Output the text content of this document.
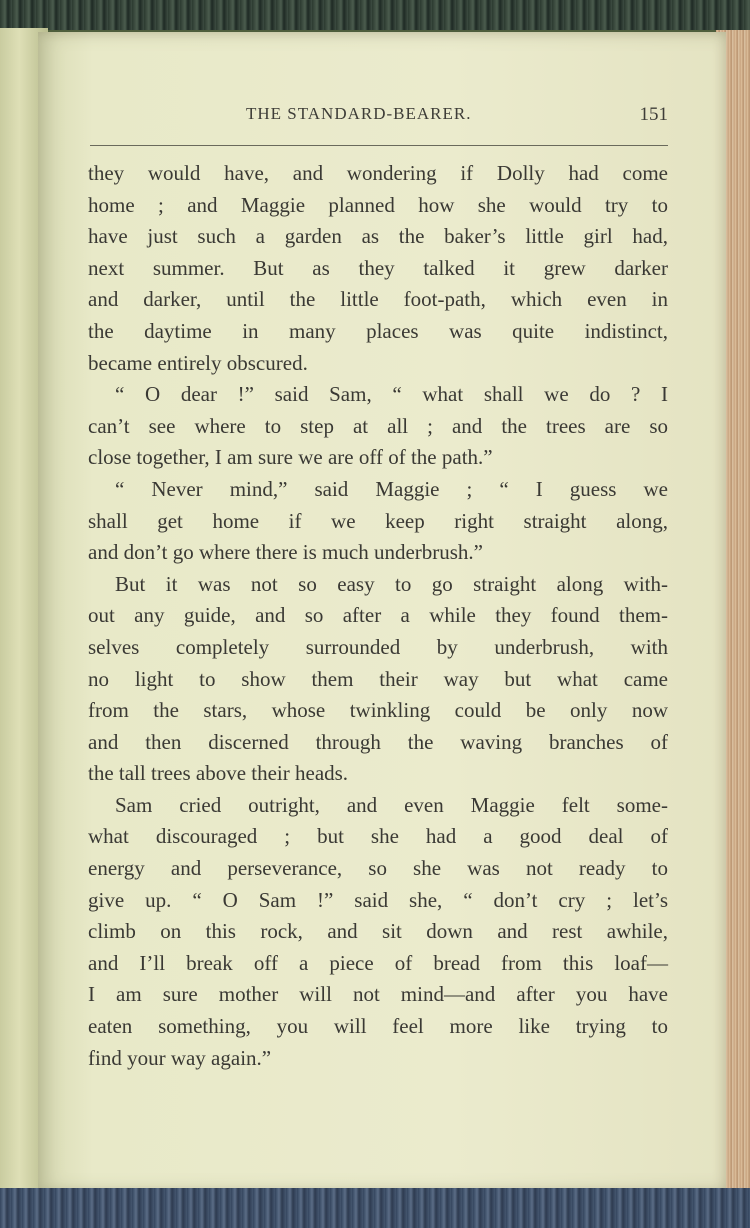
THE STANDARD-BEARER.	151
they would have, and wondering if Dolly had come
home ; and Maggie planned how she would try to
have just such a garden as the baker’s little girl had,
next summer. But as they talked it grew darker
and darker, until the little foot-path, which even in
the daytime in many places was quite indistinct,
became entirely obscured.
“ O dear !” said Sam, “ what shall we do ? I
can’t see where to step at all ; and the trees are so
close together, I am sure we are off of the path.”
“ Never mind,” said Maggie ; “ I guess we
shall get home if we keep right straight along,
and don’t go where there is much underbrush.”
But it was not so easy to go straight along with-
out any guide, and so after a while they found them-
selves completely surrounded by underbrush, with
no light to show them their way but what came
from the stars, whose twinkling could be only now
and then discerned through the waving branches of
the tall trees above their heads.
Sam cried outright, and even Maggie felt some-
what discouraged ; but she had a good deal of
energy and perseverance, so she was not ready to
give up. “ O Sam !” said she, “ don’t cry ; let’s
climb on this rock, and sit down and rest awhile,
and I’ll break off a piece of bread from this loaf—
I am sure mother will not mind—and after you have
eaten something, you will feel more like trying to
find your way again.”
